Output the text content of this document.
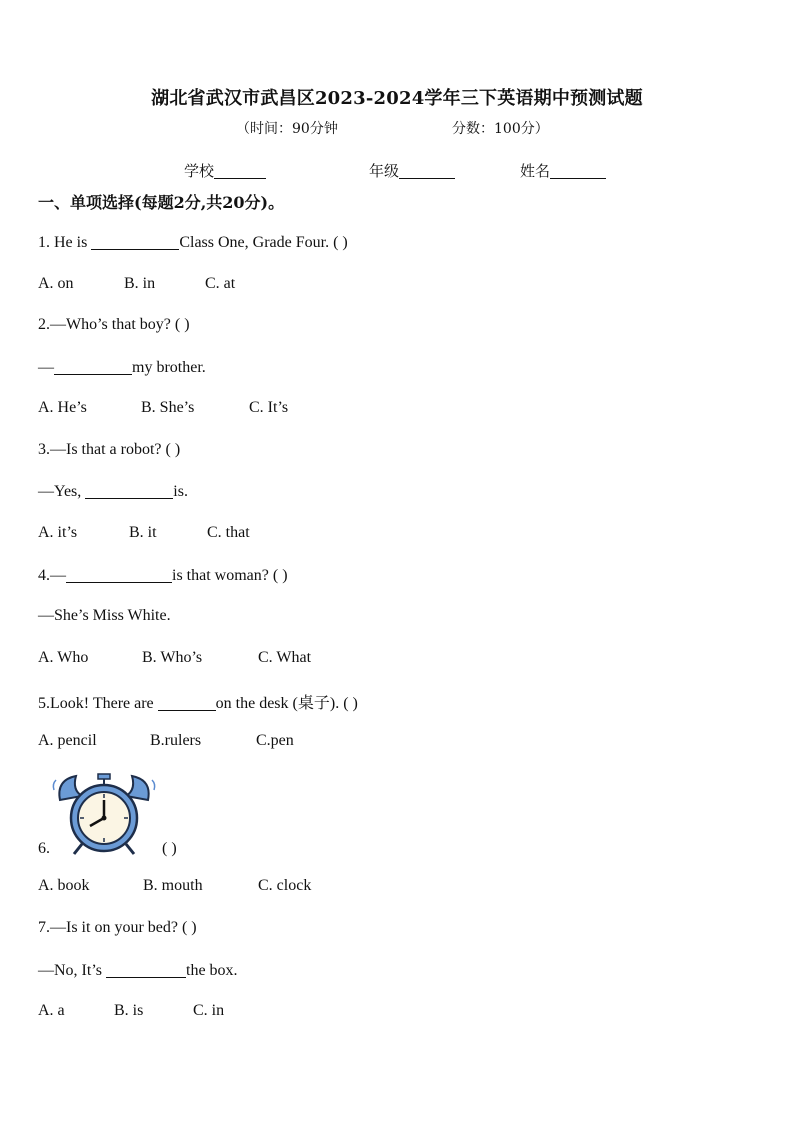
湖北省武汉市武昌区2023-2024学年三下英语期中预测试题
（时间：90分钟	分数：100分）
学校	年级	姓名
一、单项选择(每题2分,共20分)。
1. He is	Class One, Grade Four. ( )
A. on	B. in	C. at
2.—Who’s that boy? ( )
—	my brother.
A. He’s	B. She’s	C. It’s
3.—Is that a robot? ( )
—Yes,	is.
A. it’s	B. it	C. that
4.—	is that woman? ( )
—She’s Miss White.
A. Who	B. Who’s	C. What
5.Look! There are	on the desk (桌子). ( )
A. pencil	B.rulers	C.pen
6.	( )
A. book	B. mouth	C. clock
7.—Is it on your bed? ( )
—No, It’s	the box.
A. a	B. is	C. in
